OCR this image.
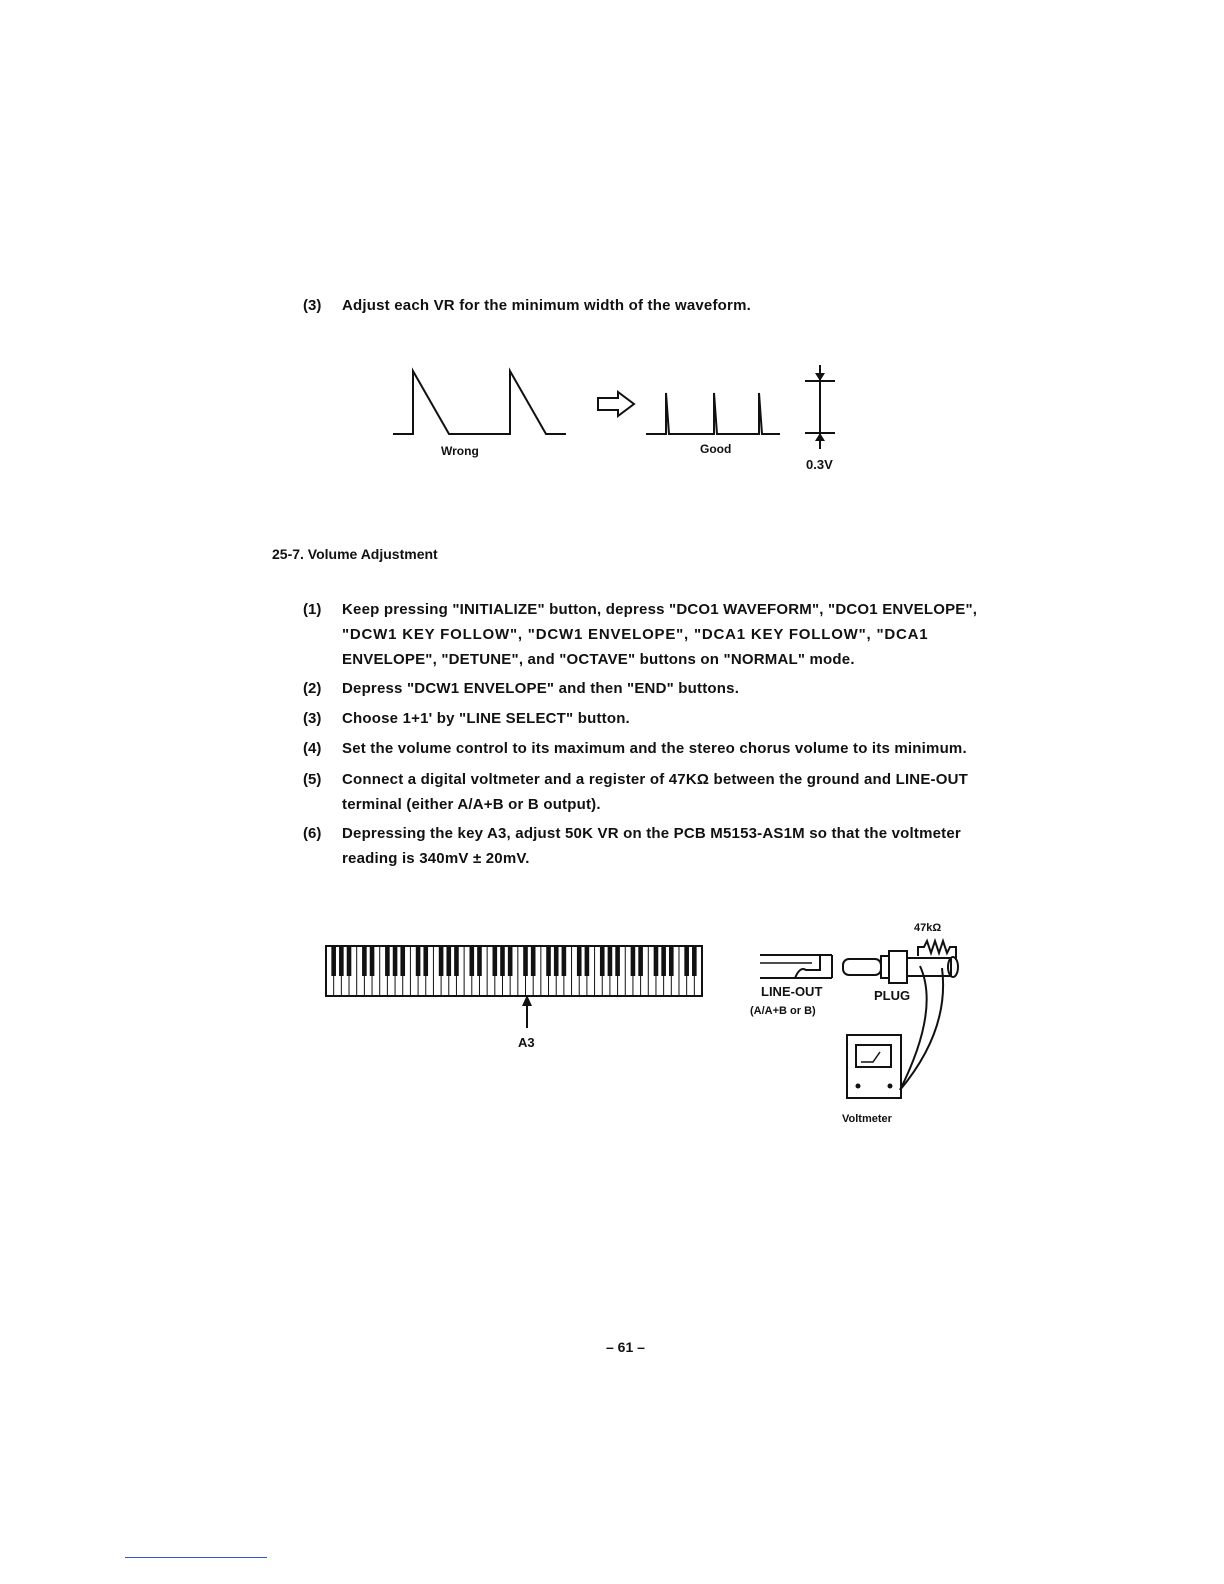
(3)	Adjust each VR for the minimum width of the waveform.
Wrong	Good
0.3V
25-7. Volume Adjustment
(1)	Keep pressing "INITIALIZE" button, depress "DCO1 WAVEFORM", "DCO1 ENVELOPE",
"DCW1 KEY FOLLOW", "DCW1 ENVELOPE", "DCA1 KEY FOLLOW", "DCA1
ENVELOPE", "DETUNE", and "OCTAVE" buttons on "NORMAL" mode.
(2)	Depress "DCW1 ENVELOPE" and then "END" buttons.
(3)	Choose 1+1' by "LINE SELECT" button.
(4)	Set the volume control to its maximum and the stereo chorus volume to its minimum.
(5)	Connect a digital voltmeter and a register of 47KΩ between the ground and LINE-OUT
terminal (either A/A+B or B output).
(6)	Depressing the key A3, adjust 50K VR on the PCB M5153-AS1M so that the voltmeter
reading is 340mV ± 20mV.
A3
47kΩ
LINE-OUT
(A/A+B or B)
PLUG
Voltmeter
– 61 –
